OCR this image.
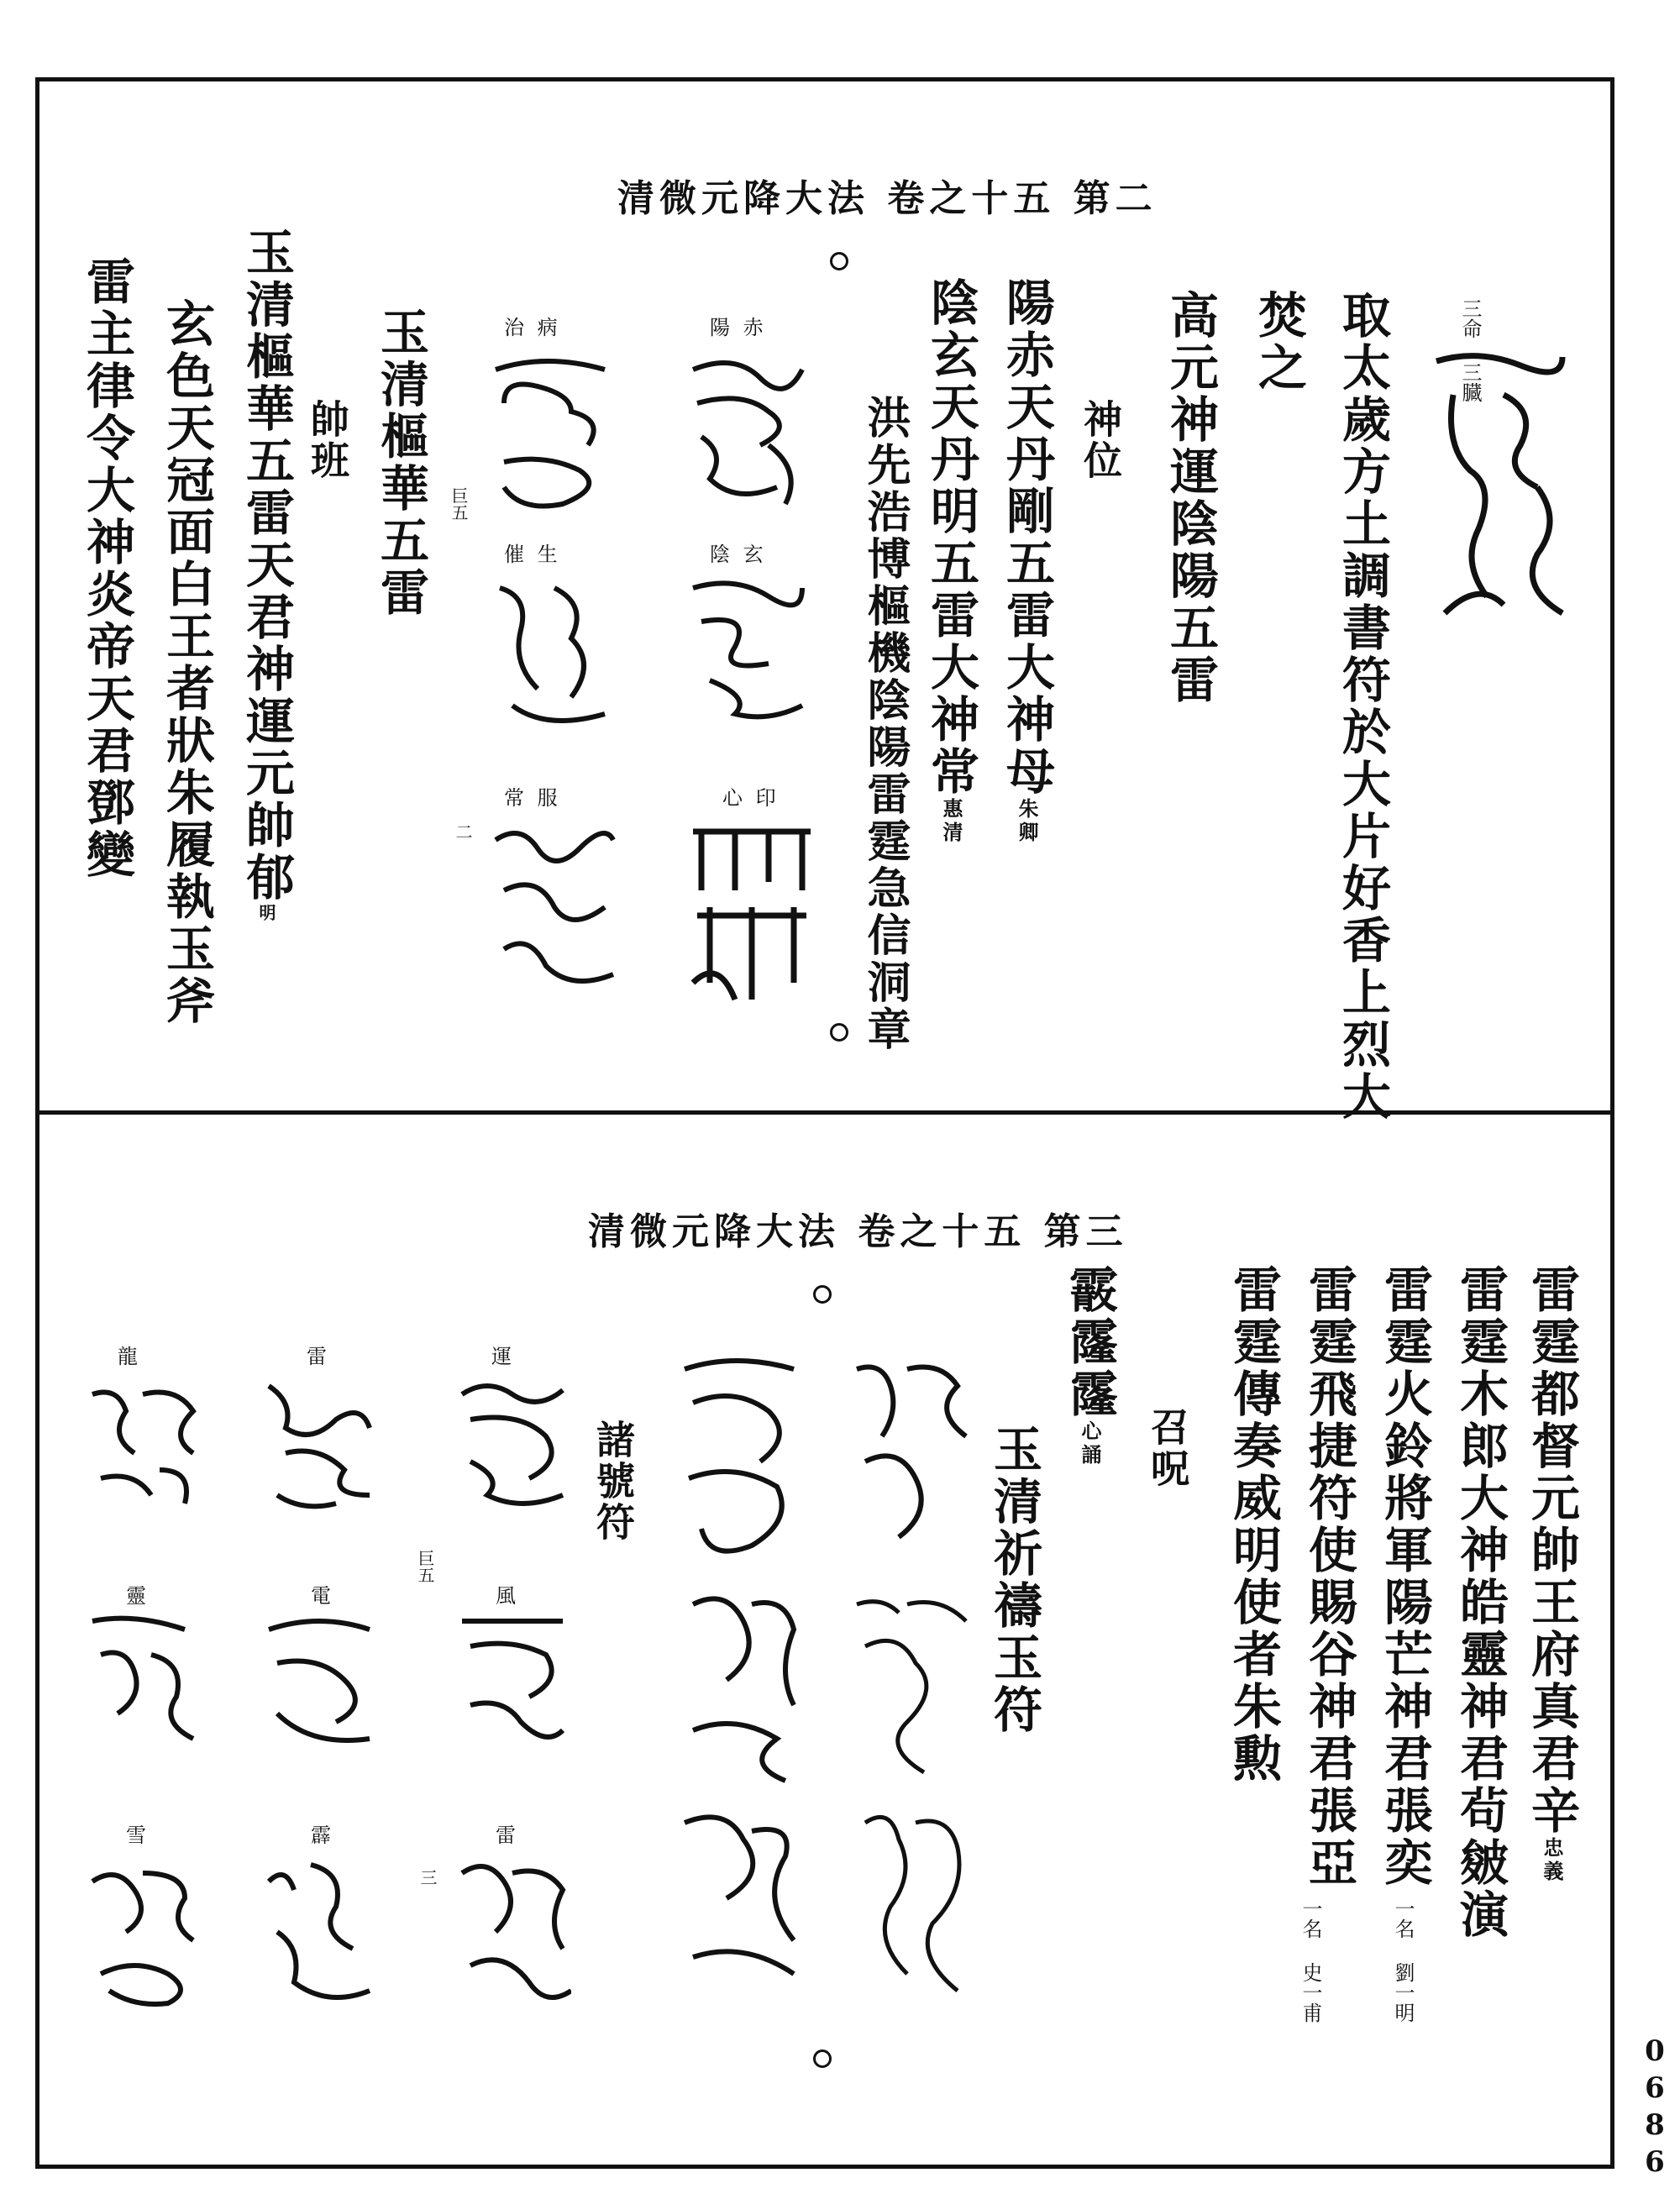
0
6
8
6
清微元降大法 卷之十五 第二
三命 三臓
取太歲方土調書符於大片好香上烈大
焚之
高元神運陰陽五雷
神位
陽赤天丹剛五雷大神母朱卿
陰玄天丹明五雷大神常惠清
洪先浩博樞機陰陽雷霆急信洞章
陽 赤
陰 玄
心 印
治 病
催 生
常 服
玉清樞華五雷 巨五
二
帥班
玉清樞華五雷天君神運元帥郁明
玄色天冠面白王者狀朱履執玉斧
雷主律令大神炎帝天君鄧變
清微元降大法 卷之十五 第三
雷霆都督元帥王府真君辛忠義
雷霆木郎大神皓靈神君茍皴演
雷霆火鈴將軍陽芒神君張奕
一名 劉一明
雷霆飛捷符使賜谷神君張亞
一名 史一甫
雷霆傳奏威明使者朱勲
召呪
霰霳霳心誦
玉清祈禱玉符
諸號符
巨五
三
運
雷
龍
風
電
靈
雷
霹
雪
